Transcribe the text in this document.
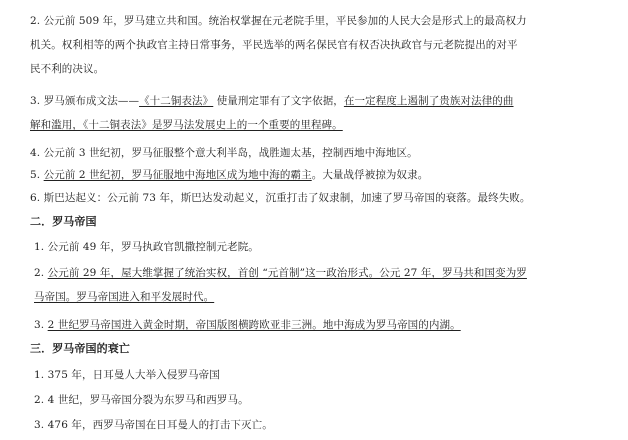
2. 公元前 509 年，罗马建立共和国。统治权掌握在元老院手里，平民参加的人民大会是形式上的最高权力
机关。权利相等的两个执政官主持日常事务，平民选举的两名保民官有权否决执政官与元老院提出的对平
民不利的决议。
3. 罗马颁布成文法——《十二铜表法》 使量刑定罪有了文字依据，在一定程度上遏制了贵族对法律的曲
解和滥用，《十二铜表法》是罗马法发展史上的一个重要的里程碑。
4. 公元前 3 世纪初，罗马征服整个意大利半岛，战胜迦太基，控制西地中海地区。
5. 公元前 2 世纪初，罗马征服地中海地区成为地中海的霸主。大量战俘被掠为奴隶。
6. 斯巴达起义：公元前 73 年，斯巴达发动起义，沉重打击了奴隶制，加速了罗马帝国的衰落。最终失败。
二．罗马帝国
1. 公元前 49 年，罗马执政官凯撒控制元老院。
2. 公元前 29 年，屋大维掌握了统治实权，首创 “元首制”这一政治形式。公元 27 年，罗马共和国变为罗
马帝国。罗马帝国进入和平发展时代。
3. 2 世纪罗马帝国进入黄金时期，帝国版图横跨欧亚非三洲。地中海成为罗马帝国的内湖。
三．罗马帝国的衰亡
1. 375 年，日耳曼人大举入侵罗马帝国
2. 4 世纪，罗马帝国分裂为东罗马和西罗马。
3. 476 年，西罗马帝国在日耳曼人的打击下灭亡。
